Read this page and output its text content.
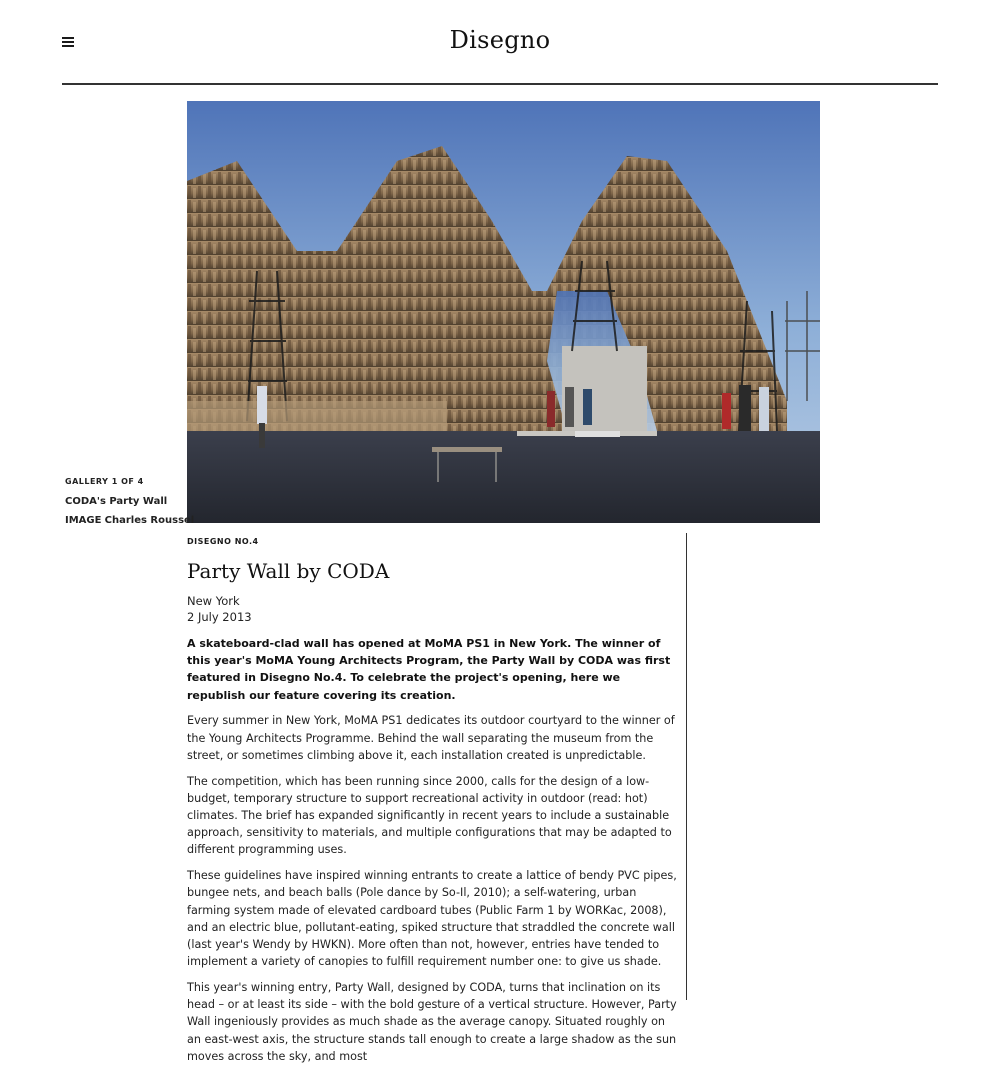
Disegno
GALLERY 1 OF 4
CODA's Party Wall
IMAGE Charles Roussel
DISEGNO NO.4
Party Wall by CODA
New York
2 July 2013

A skateboard-clad wall has opened at MoMA PS1 in New York. The winner of this year's MoMA Young Architects Program, the Party Wall by CODA was first featured in Disegno No.4. To celebrate the project's opening, here we republish our feature covering its creation.

Every summer in New York, MoMA PS1 dedicates its outdoor courtyard to the winner of the Young Architects Programme. Behind the wall separating the museum from the street, or sometimes climbing above it, each installation created is unpredictable.

The competition, which has been running since 2000, calls for the design of a low-budget, temporary structure to support recreational activity in outdoor (read: hot) climates. The brief has expanded significantly in recent years to include a sustainable approach, sensitivity to materials, and multiple configurations that may be adapted to different programming uses.

These guidelines have inspired winning entrants to create a lattice of bendy PVC pipes, bungee nets, and beach balls (Pole dance by So-Il, 2010); a self-watering, urban farming system made of elevated cardboard tubes (Public Farm 1 by WORKac, 2008), and an electric blue, pollutant-eating, spiked structure that straddled the concrete wall (last year's Wendy by HWKN). More often than not, however, entries have tended to implement a variety of canopies to fulfill requirement number one: to give us shade.

This year's winning entry, Party Wall, designed by CODA, turns that inclination on its head – or at least its side – with the bold gesture of a vertical structure. However, Party Wall ingeniously provides as much shade as the average canopy. Situated roughly on an east-west axis, the structure stands tall enough to create a large shadow as the sun moves across the sky, and most
